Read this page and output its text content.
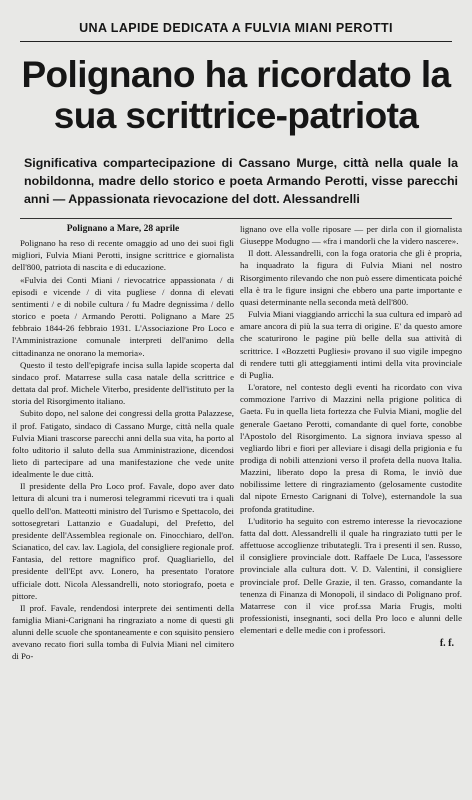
UNA LAPIDE DEDICATA A FULVIA MIANI PEROTTI
Polignano ha ricordato la sua scrittrice-patriota
Significativa compartecipazione di Cassano Murge, città nella quale la nobildonna, madre dello storico e poeta Armando Perotti, visse parecchi anni — Appassionata rievocazione del dott. Alessandrelli

Polignano a Mare, 28 aprile

Polignano ha reso di recente omaggio ad uno dei suoi figli migliori, Fulvia Miani Perotti, insigne scrittrice e giornalista dell'800, patriota di nascita e di educazione.

«Fulvia dei Conti Miani / rievocatrice appassionata / di episodi e vicende / di vita pugliese / donna di elevati sentimenti / e di nobile cultura / fu Madre degnissima / dello storico e poeta / Armando Perotti. Polignano a Mare 25 febbraio 1844-26 febbraio 1931. L'Associazione Pro Loco e l'Amministrazione comunale interpreti dell'animo della cittadinanza ne onorano la memoria».

Questo il testo dell'epigrafe incisa sulla lapide scoperta dal sindaco prof. Matarrese sulla casa natale della scrittrice e dettata dal prof. Michele Viterbo, presidente dell'istituto per la storia del Risorgimento italiano.

Subito dopo, nel salone dei congressi della grotta Palazzese, il prof. Fatigato, sindaco di Cassano Murge, città nella quale Fulvia Miani trascorse parecchi anni della sua vita, ha porto al folto uditorio il saluto della sua Amministrazione, dicendosi lieto di partecipare ad una manifestazione che vede unite idealmente le due città.

Il presidente della Pro Loco prof. Favale, dopo aver dato lettura di alcuni tra i numerosi telegrammi ricevuti tra i quali quello dell'on. Matteotti ministro del Turismo e Spettacolo, dei sottosegretari Lattanzio e Guadalupi, del Prefetto, del presidente dell'Assemblea regionale on. Finocchiaro, dell'on. Scianatico, del cav. lav. Lagiola, del consigliere regionale prof. Fantasia, del rettore magnifico prof. Quagliariello, del presidente dell'Ept avv. Lonero, ha presentato l'oratore ufficiale dott. Nicola Alessandrelli, noto storiografo, poeta e pittore.

Il prof. Favale, rendendosi interprete dei sentimenti della famiglia Miani-Carignani ha ringraziato a nome di questi gli alunni delle scuole che spontaneamente e con squisito pensiero avevano recato fiori sulla tomba di Fulvia Miani nel cimitero di Po-

lignano ove ella volle riposare — per dirla con il giornalista Giuseppe Modugno — «fra i mandorli che la videro nascere».

Il dott. Alessandrelli, con la foga oratoria che gli è propria, ha inquadrato la figura di Fulvia Miani nel nostro Risorgimento rilevando che non può essere dimenticata poiché ella è tra le figure insigni che ebbero una parte importante e quasi determinante nella seconda metà dell'800.

Fulvia Miani viaggiando arricchì la sua cultura ed imparò ad amare ancora di più la sua terra di origine. E' da questo amore che scaturirono le pagine più belle della sua attività di scrittrice. I «Bozzetti Pugliesi» provano il suo vigile impegno di rendere tutti gli atteggiamenti intimi della vita provinciale di Puglia.

L'oratore, nel contesto degli eventi ha ricordato con viva commozione l'arrivo di Mazzini nella prigione politica di Gaeta. Fu in quella lieta fortezza che Fulvia Miani, moglie del generale Gaetano Perotti, comandante di quel forte, conobbe l'Apostolo del Risorgimento. La signora inviava spesso al vegliardo libri e fiori per alleviare i disagi della prigionia e fu prodiga di nobili attenzioni verso il profeta della nuova Italia. Mazzini, liberato dopo la presa di Roma, le inviò due nobilissime lettere di ringraziamento (gelosamente custodite dal nipote Ernesto Carignani di Tolve), esternandole la sua profonda gratitudine.

L'uditorio ha seguito con estremo interesse la rievocazione fatta dal dott. Alessandrelli il quale ha ringraziato tutti per le affettuose accoglienze tributategli. Tra i presenti il sen. Russo, il consigliere provinciale dott. Raffaele De Luca, l'assessore provinciale alla cultura dott. V. D. Valentini, il consigliere provinciale prof. Delle Grazie, il ten. Grasso, comandante la tenenza di Finanza di Monopoli, il sindaco di Polignano prof. Matarrese con il vice prof.ssa Maria Frugis, molti professionisti, insegnanti, soci della Pro loco e alunni delle elementari e delle medie con i professori.

f. f.
